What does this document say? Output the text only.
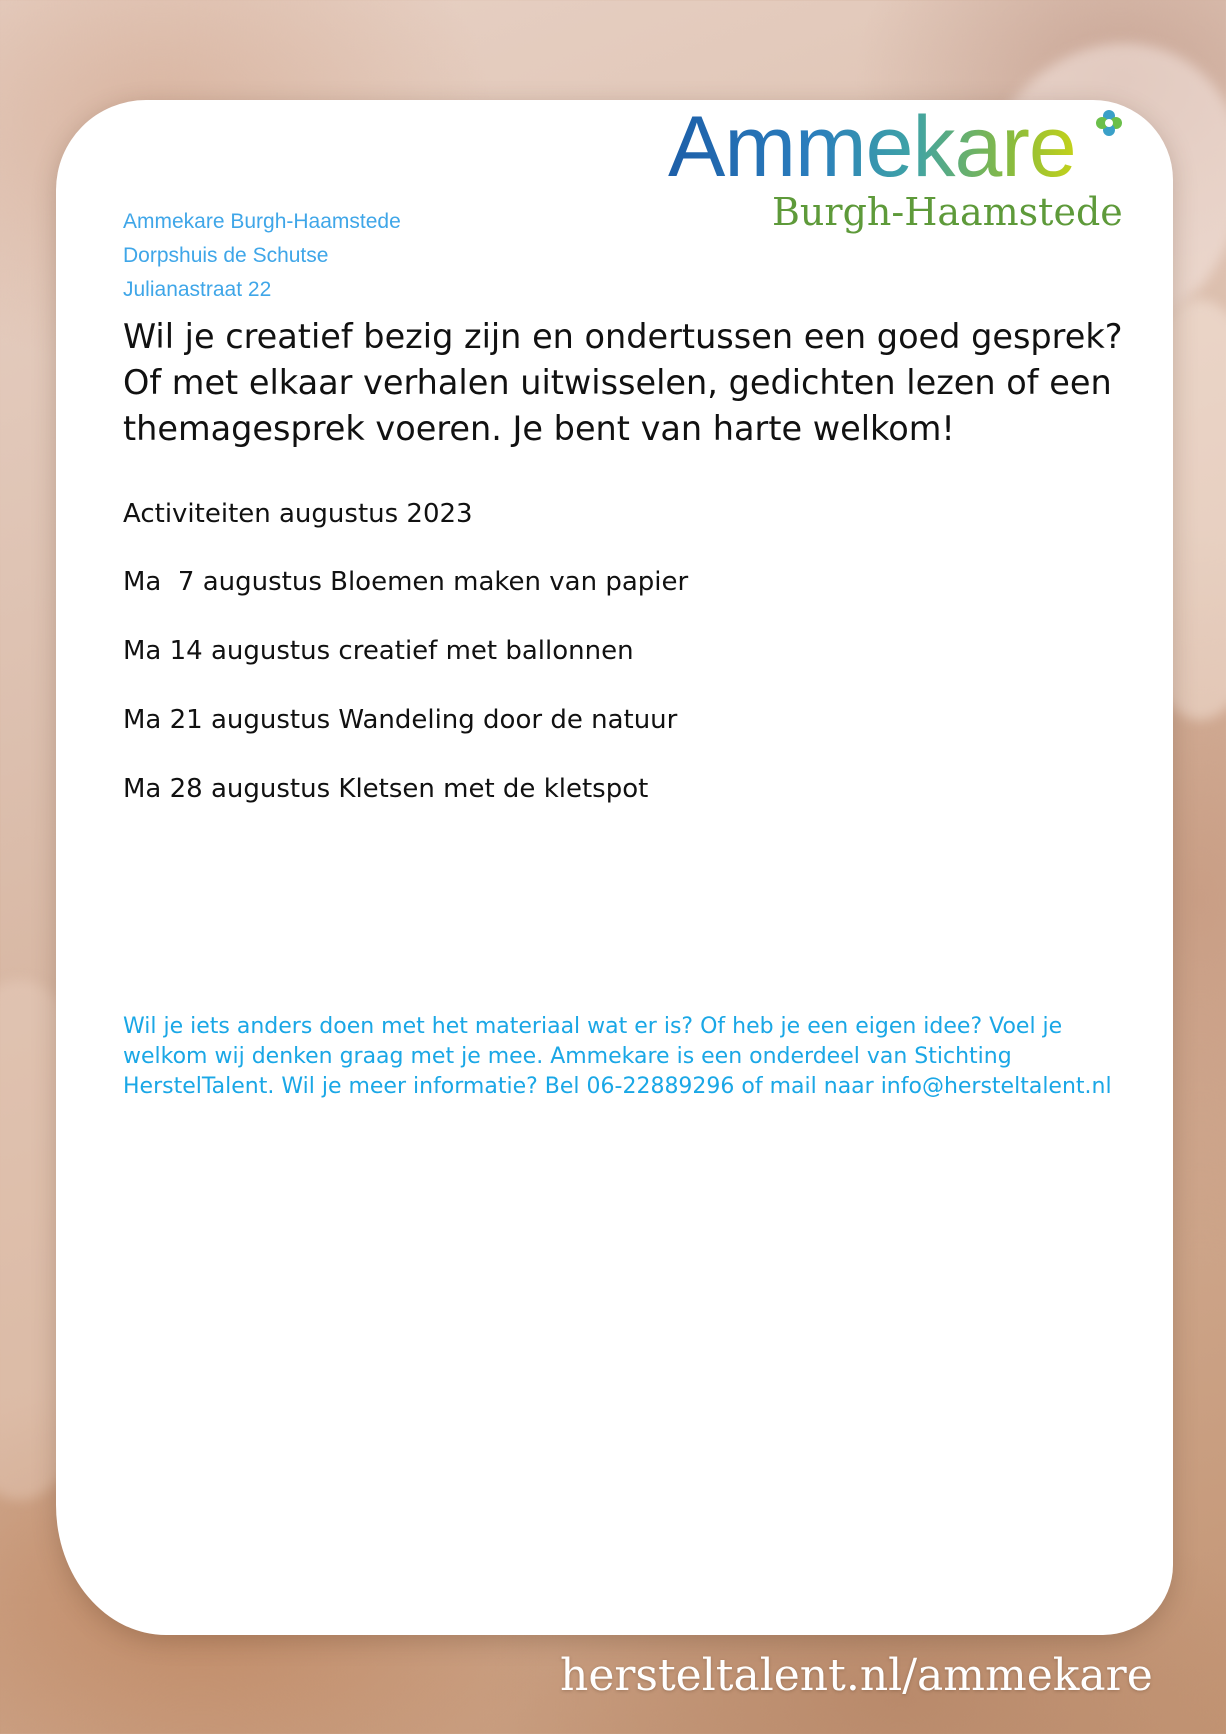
Ammekare
Burgh-Haamstede
Ammekare Burgh-Haamstede
Dorpshuis de Schutse
Julianastraat 22
Wil je creatief bezig zijn en ondertussen een goed gesprek? Of met elkaar verhalen uitwisselen, gedichten lezen of een themagesprek voeren. Je bent van harte welkom!
Activiteiten augustus 2023
Ma  7 augustus Bloemen maken van papier
Ma 14 augustus creatief met ballonnen
Ma 21 augustus Wandeling door de natuur
Ma 28 augustus Kletsen met de kletspot
Wil je iets anders doen met het materiaal wat er is? Of heb je een eigen idee? Voel je welkom wij denken graag met je mee. Ammekare is een onderdeel van Stichting HerstelTalent. Wil je meer informatie? Bel 06-22889296 of mail naar info@hersteltalent.nl
hersteltalent.nl/ammekare
